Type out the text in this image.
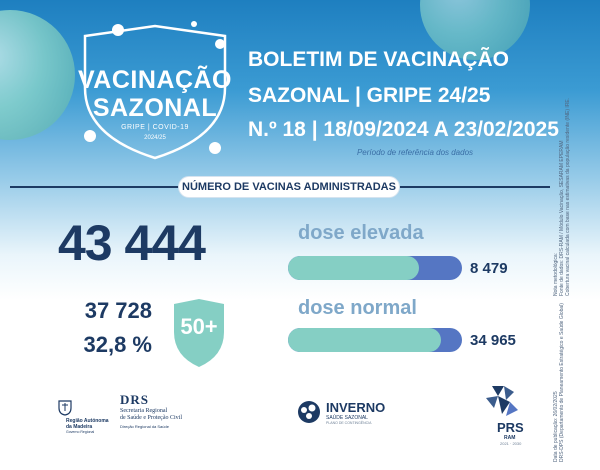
VACINAÇÃO
SAZONAL
GRIPE | COVID-19
2024/25
BOLETIM DE VACINAÇÃO
SAZONAL | GRIPE 24/25
N.º 18 | 18/09/2024 A 23/02/2025
Período de referência dos dados
NÚMERO DE VACINAS ADMINISTRADAS
43 444
37 728
32,8 %
50+
dose elevada
8 479
dose normal
34 965
Nota metodológica: Fonte de dados: DRS-RAM / Módulo Vacinação, SESARAM EPERAM Cobertura vacinal calculada com base nas estimativas da população residente (INE) IRE.
Data de publicação: 26/02/2025 DRS-DPS (Departamento de Planeamento Estratégico e Saúde Global)
Região Autónoma
da Madeira
Governo Regional
DRS
Secretaria Regional
de Saúde e Proteção Civil
Direção Regional da Saúde
INVERNO
SAÚDE SAZONAL
PLANO DE CONTINGÊNCIA	PRS
RAM
2021 · 2030
